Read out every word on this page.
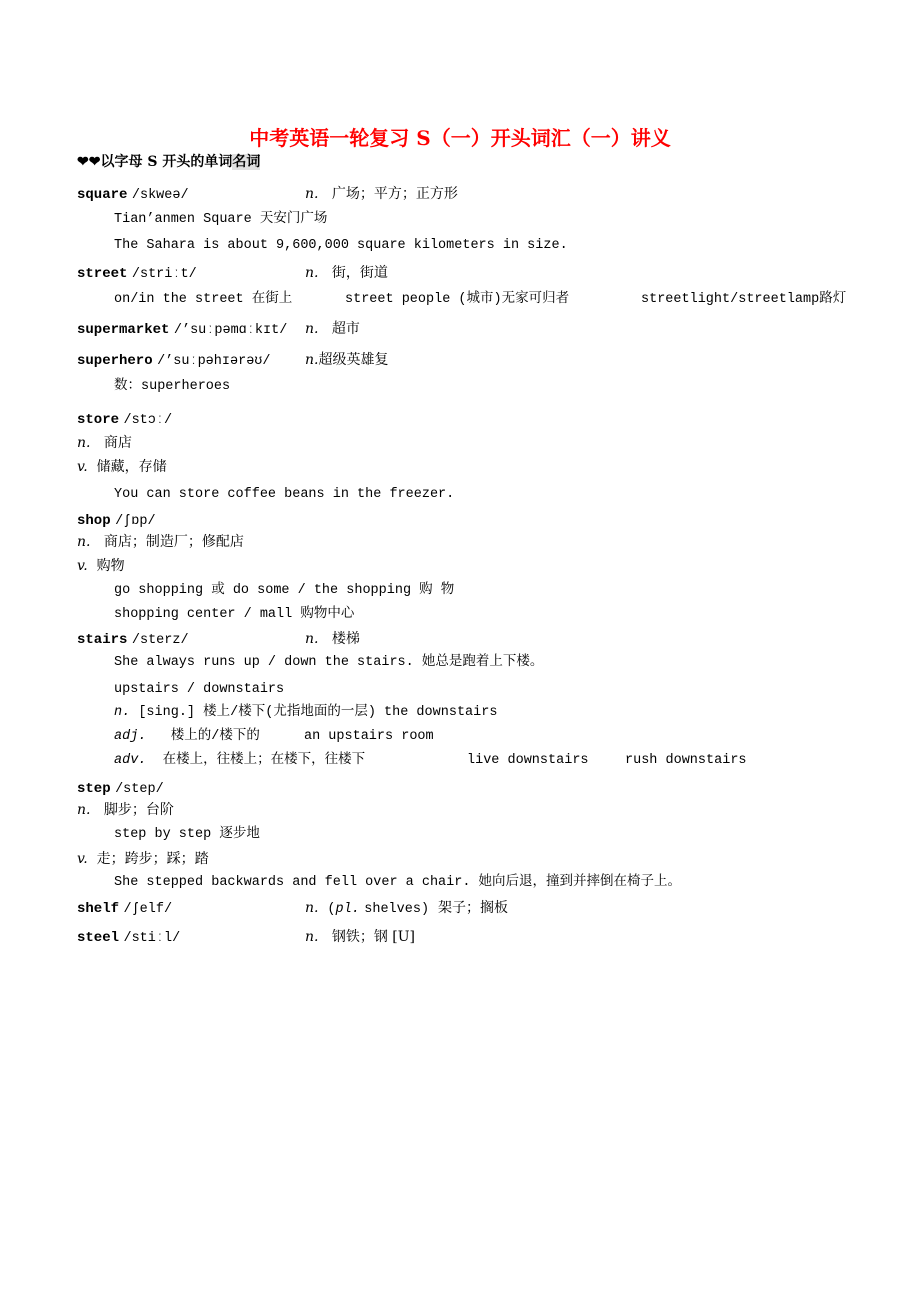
中考英语一轮复习 S（一）开头词汇（一）讲义
❤❤以字母 S 开头的单词名词
square /skweə/	n. 广场；平方；正方形
Tian’anmen Square 天安门广场
The Sahara is about 9,600,000 square kilometers in size.
street /striːt/	n. 街，街道
on/in the street 在街上	street people (城市)无家可归者	streetlight/streetlamp路灯
supermarket /’suːpəmɑːkɪt/ n. 超市
superhero /’suːpəhɪərəʊ/ n.超级英雄复
数：superheroes
store /stɔː/
n. 商店
v. 储藏，存储
You can store coffee beans in the freezer.
shop /ʃɒp/
n. 商店；制造厂；修配店
v. 购物
go shopping 或 do some / the shopping 购 物
shopping center / mall 购物中心
stairs /sterz/	n. 楼梯
She always runs up / down the stairs. 她总是跑着上下楼。
upstairs / downstairs
n. [sing.] 楼上/楼下(尤指地面的一层) the downstairs
adj. 楼上的/楼下的	an upstairs room
adv. 在楼上，往楼上；在楼下，往楼下	live downstairs	rush downstairs
step /step/
n. 脚步；台阶
step by step 逐步地
v. 走；跨步；踩；踏
She stepped backwards and fell over a chair. 她向后退，撞到并摔倒在椅子上。
shelf /ʃelf/	n. (pl. shelves) 架子；搁板
steel /stiːl/	n. 钢铁；钢 [U]
